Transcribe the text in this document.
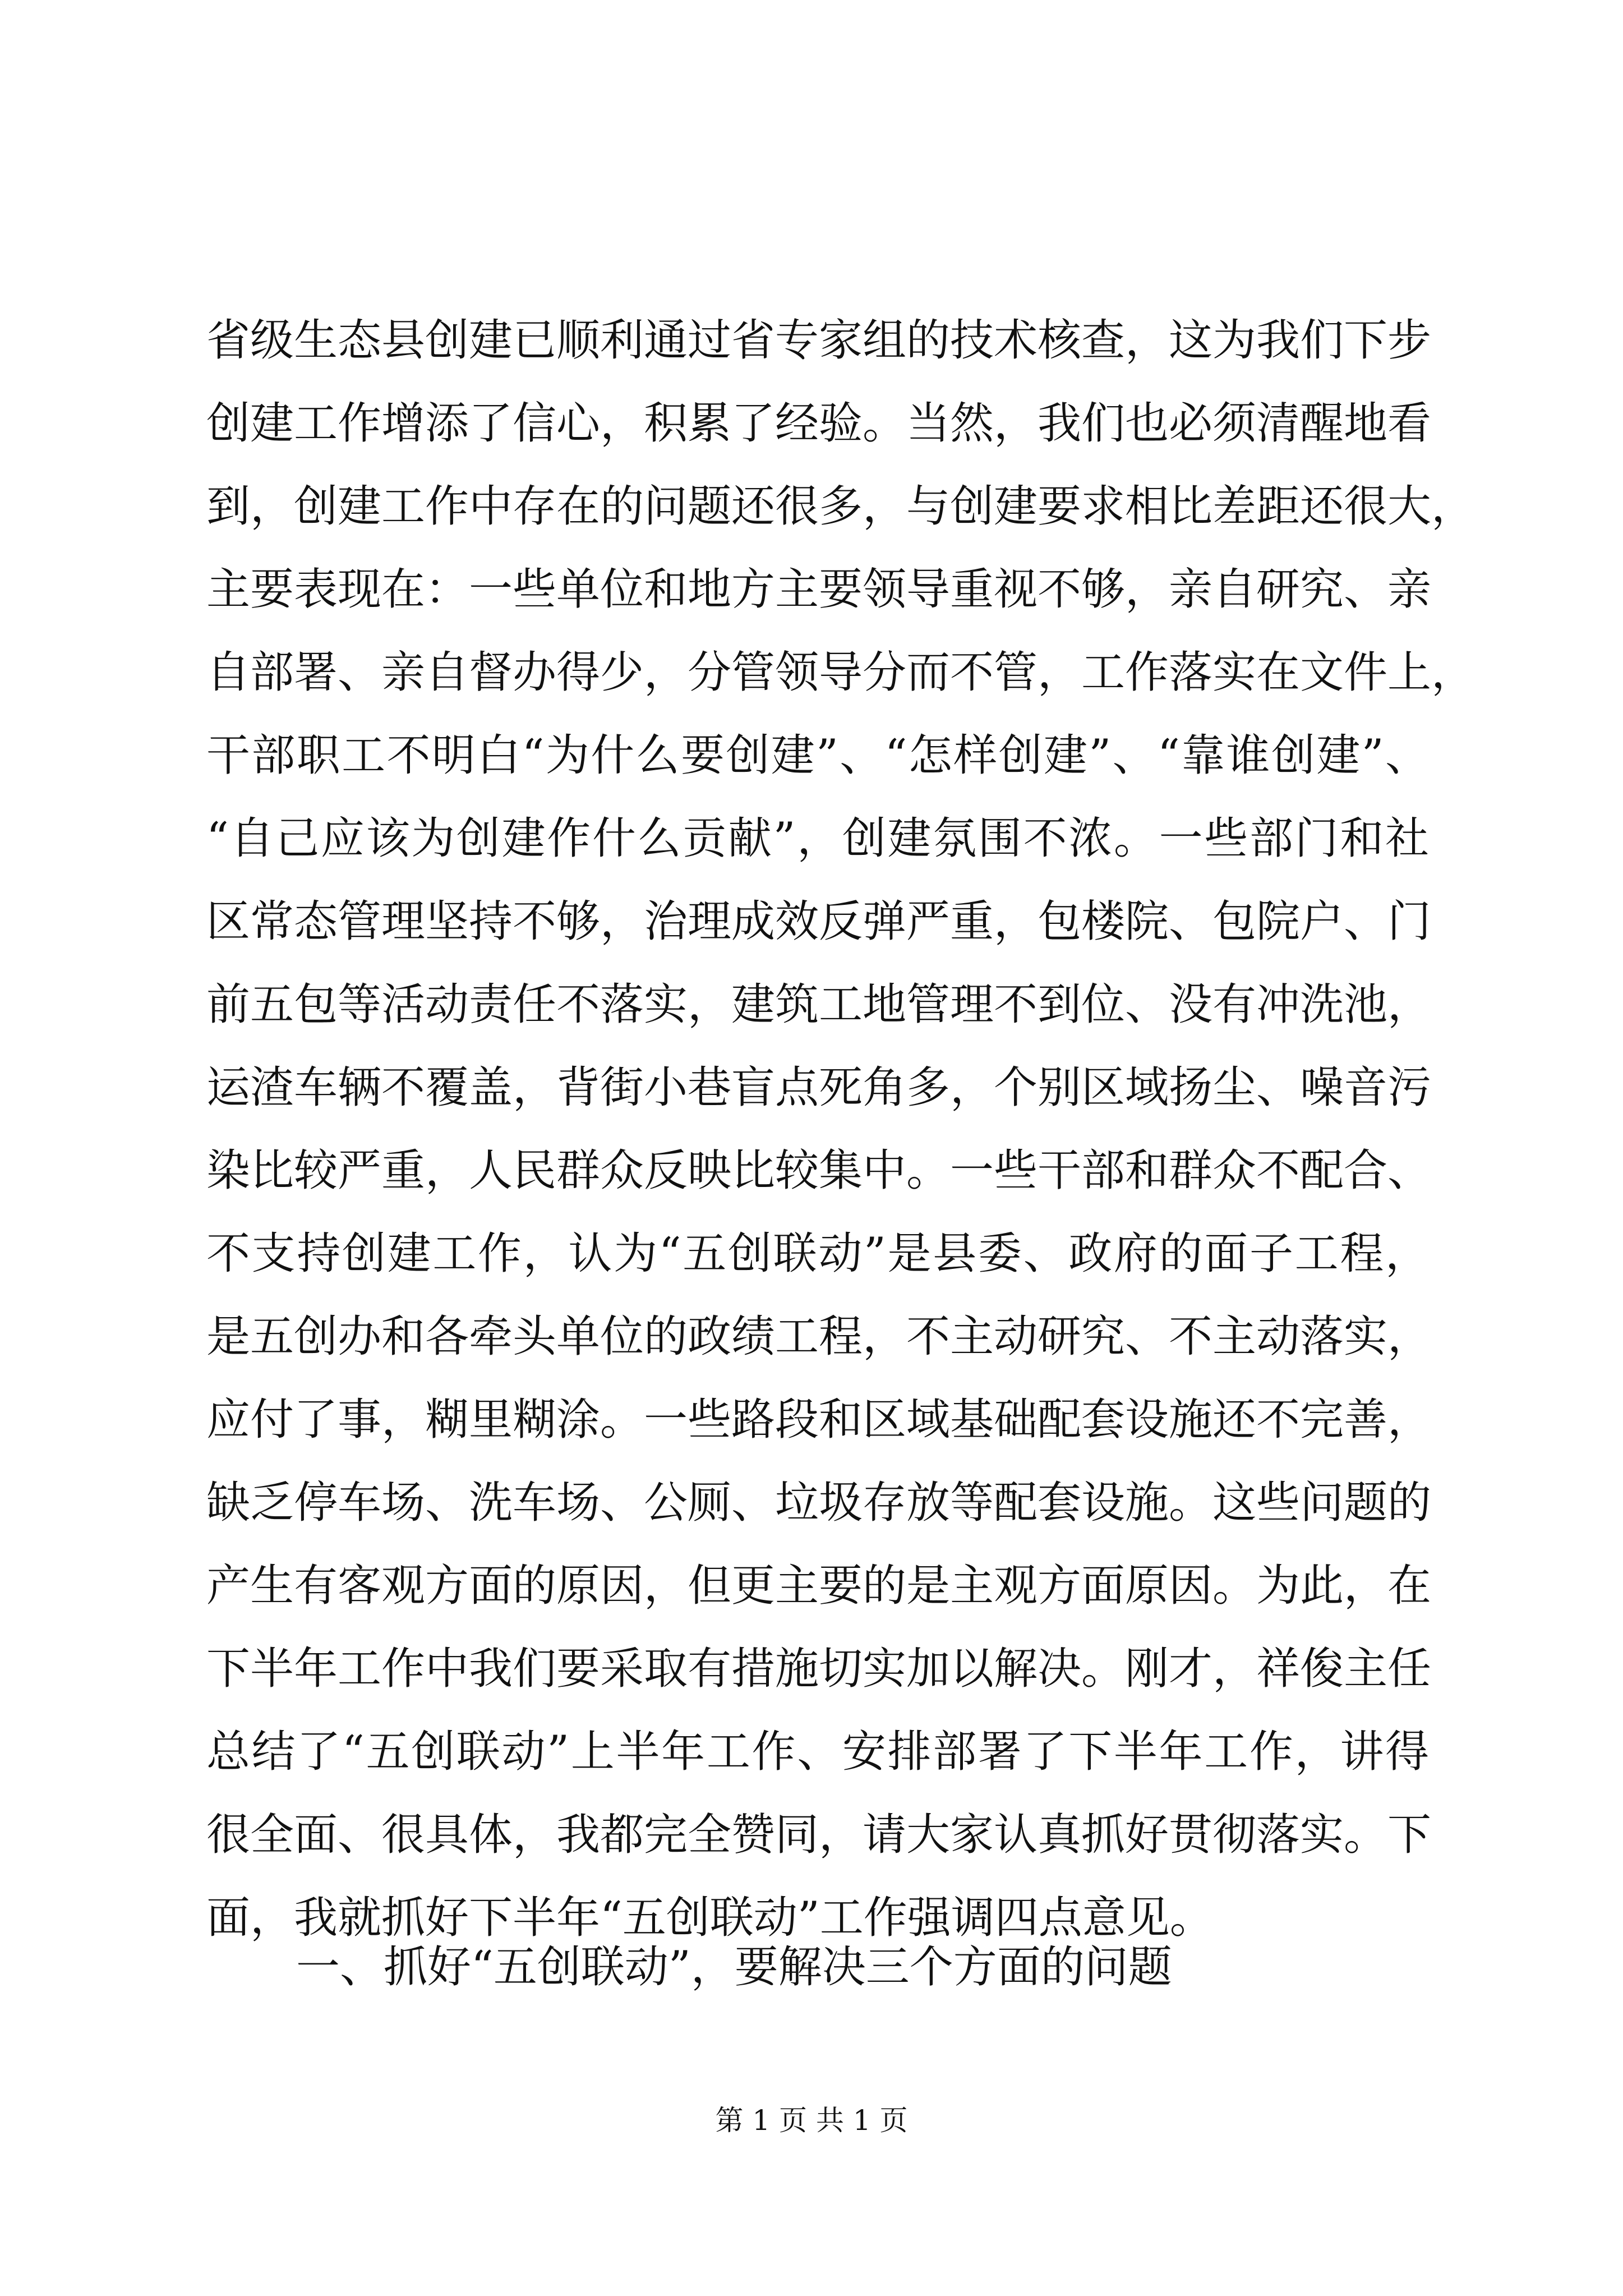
省级生态县创建已顺利通过省专家组的技术核查，这为我们下步
创建工作增添了信心，积累了经验。当然，我们也必须清醒地看
到，创建工作中存在的问题还很多，与创建要求相比差距还很大，
主要表现在：一些单位和地方主要领导重视不够，亲自研究、亲
自部署、亲自督办得少，分管领导分而不管，工作落实在文件上，
干部职工不明白“为什么要创建”、“怎样创建”、“靠谁创建”、
“自己应该为创建作什么贡献”，创建氛围不浓。一些部门和社
区常态管理坚持不够，治理成效反弹严重，包楼院、包院户、门
前五包等活动责任不落实，建筑工地管理不到位、没有冲洗池，
运渣车辆不覆盖，背街小巷盲点死角多，个别区域扬尘、噪音污
染比较严重，人民群众反映比较集中。一些干部和群众不配合、
不支持创建工作，认为“五创联动”是县委、政府的面子工程，
是五创办和各牵头单位的政绩工程，不主动研究、不主动落实，
应付了事，糊里糊涂。一些路段和区域基础配套设施还不完善，
缺乏停车场、洗车场、公厕、垃圾存放等配套设施。这些问题的
产生有客观方面的原因，但更主要的是主观方面原因。为此，在
下半年工作中我们要采取有措施切实加以解决。刚才，祥俊主任
总结了“五创联动”上半年工作、安排部署了下半年工作，讲得
很全面、很具体，我都完全赞同，请大家认真抓好贯彻落实。下
面，我就抓好下半年“五创联动”工作强调四点意见。
一、抓好“五创联动”，要解决三个方面的问题
第 1 页 共 1 页
